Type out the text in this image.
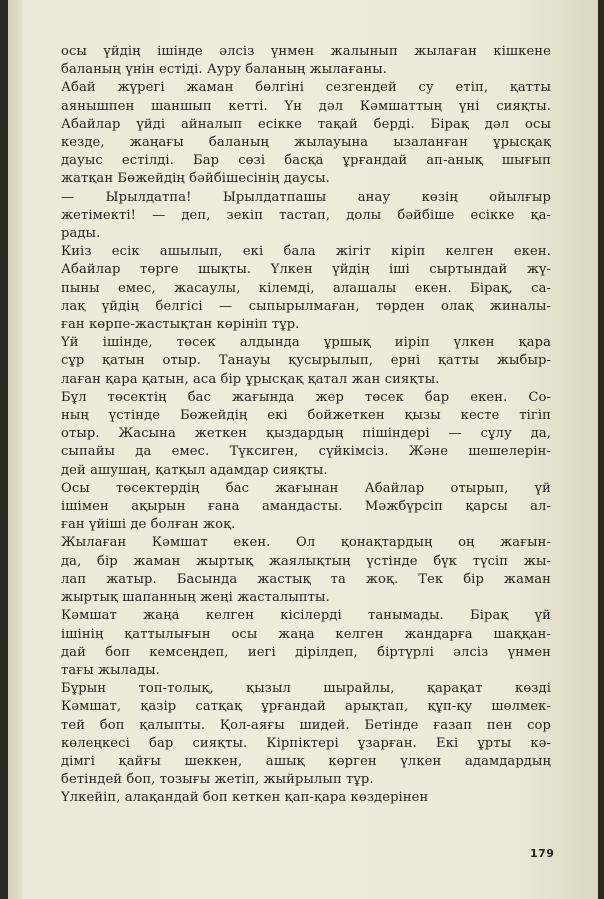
осы үйдің ішінде әлсіз үнмен жалынып жылаған кішкене
баланың үнін естіді. Ауру баланың жылағаны.
Абай жүрегі жаман бөлгіні сезгендей су етіп, қатты
аянышпен шаншып кетті. Үн дәл Кәмшаттың үні сияқты.
Абайлар үйді айналып есікке тақай берді. Бірақ дәл осы
кезде, жаңағы баланың жылауына ызаланған ұрысқақ
дауыс естілді. Бар сөзі басқа ұрғандай ап-анық шығып
жатқан Бөжейдің бәйбішесінің даусы.
— Ырылдатпа! Ырылдатпашы анау көзің ойылғыр
жетімекті! — деп, зекіп тастап, долы бәйбіше есікке қа-
рады.
Киіз есік ашылып, екі бала жігіт кіріп келген екен.
Абайлар төрге шықты. Үлкен үйдің іші сыртындай жү-
пыны емес, жасаулы, кілемді, алашалы екен. Бірақ, са-
лақ үйдің белгісі — сыпырылмаған, төрден олақ жиналы-
ған көрпе-жастықтан көрініп тұр.
Үй ішінде, төсек алдында ұршық иіріп үлкен қара
сұр қатын отыр. Танауы қусырылып, ерні қатты жыбыр-
лаған қара қатын, аса бір ұрысқақ қатал жан сияқты.
Бұл төсектің бас жағында жер төсек бар екен. Со-
ның үстінде Бөжейдің екі бойжеткен қызы кесте тігіп
отыр. Жасына жеткен қыздардың пішіндері — сұлу да,
сыпайы да емес. Түксиген, сүйкімсіз. Және шешелерін-
дей ашушаң, қатқыл адамдар сияқты.
Осы төсектердің бас жағынан Абайлар отырып, үй
ішімен ақырын ғана амандасты. Мәжбүрсіп қарсы ал-
ған үйіші де болған жоқ.
Жылаған Кәмшат екен. Ол қонақтардың оң жағын-
да, бір жаман жыртық жаялықтың үстінде бүк түсіп жы-
лап жатыр. Басында жастық та жоқ. Тек бір жаман
жыртық шапанның жеңі жасталыпты.
Кәмшат жаңа келген кісілерді танымады. Бірақ үй
ішінің қаттылығын осы жаңа келген жандарға шаққан-
дай боп кемсеңдеп, иегі дірілдеп, біртүрлі әлсіз үнмен
тағы жылады.
Бұрын топ-толық, қызыл шырайлы, қарақат көзді
Кәмшат, қазір сатқақ ұрғандай арықтап, құп-қу шөлмек-
тей боп қалыпты. Қол-аяғы шидей. Бетінде ғазап пен сор
көлеңкесі бар сияқты. Кірпіктері ұзарған. Екі ұрты кә-
дімгі қайғы шеккен, ашық көрген үлкен адамдардың
бетіндей боп, тозығы жетіп, жыйрылып тұр.
Үлкейіп, алақандай боп кеткен қап-қара көздерінен
179
